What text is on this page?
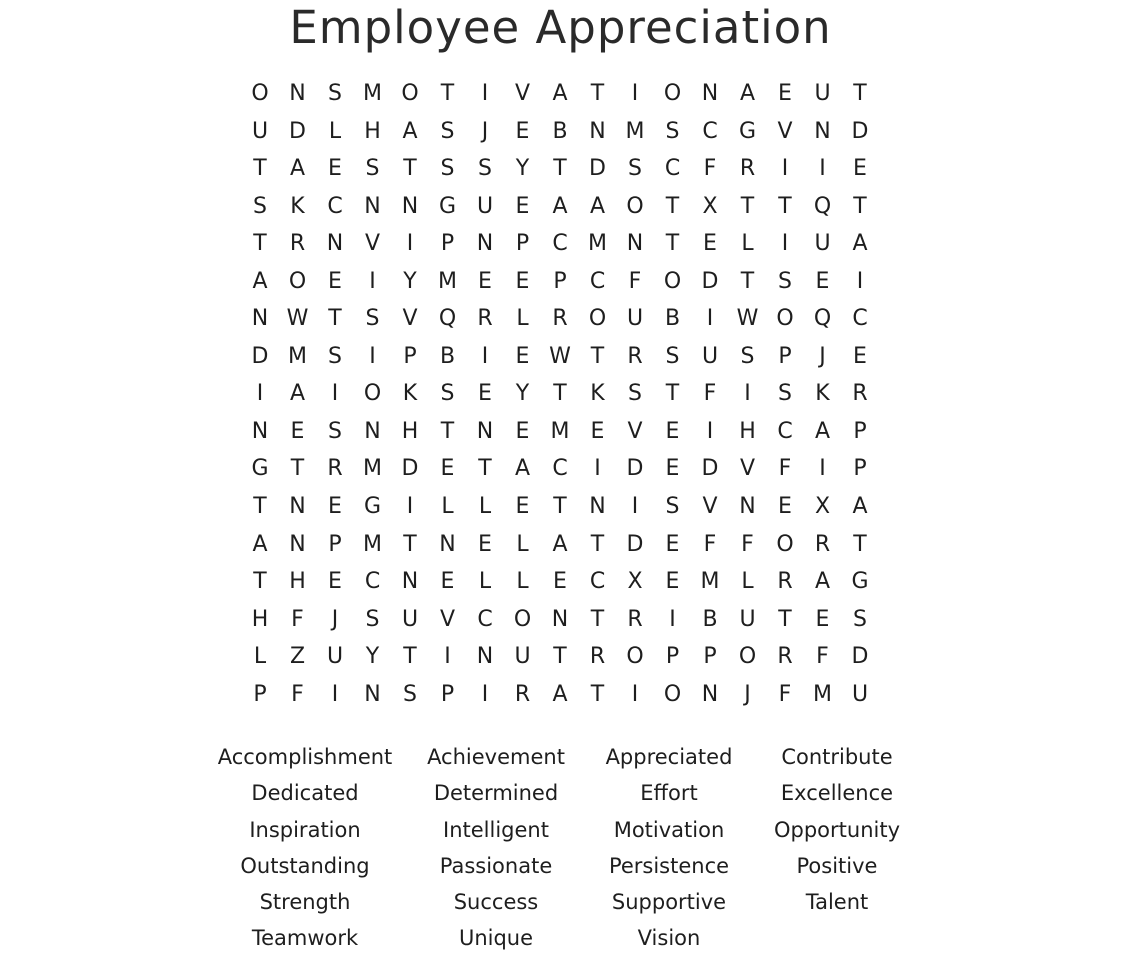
Employee Appreciation
O N	S M O	T	I	V	A	T	I	O N A	E	U	T
U D	L	H A	S	J	E	B N M S	C G V N D
T	A	E	S	T	S	S	Y	T	D	S	C	F	R	I	I	E
S	K	C N N G U	E	A	A O	T	X	T	T	Q	T
T	R N V	I	P	N	P	C M N	T	E	L	I	U A
A O E	I	Y M E	E	P	C	F	O D	T	S	E	I
N W T	S	V Q R	L	R O U B	I	W O Q C
D M S	I	P	B	I	E W T	R	S	U	S	P	J	E
I	A	I	O K	S	E	Y	T	K	S	T	F	I	S	K	R
N	E	S	N H	T	N	E M E	V	E	I	H C	A	P
G	T	R M D	E	T	A	C	I	D	E	D V	F	I	P
T	N	E	G	I	L	L	E	T	N	I	S	V N	E	X	A
A N	P M T	N	E	L	A	T	D	E	F	F	O R	T
T	H	E	C N	E	L	L	E	C	X	E M L	R	A G
H	F	J	S	U V	C O N	T	R	I	B U	T	E	S
L	Z U	Y	T	I	N U	T	R O	P	P	O R	F	D
P	F	I	N	S	P	I	R	A	T	I	O N	J	F M U
Accomplishment	Achievement	Appreciated	Contribute
Dedicated	Determined	Effort	Excellence
Inspiration	Intelligent	Motivation	Opportunity
Outstanding	Passionate	Persistence	Positive
Strength	Success	Supportive	Talent
Teamwork	Unique	Vision
